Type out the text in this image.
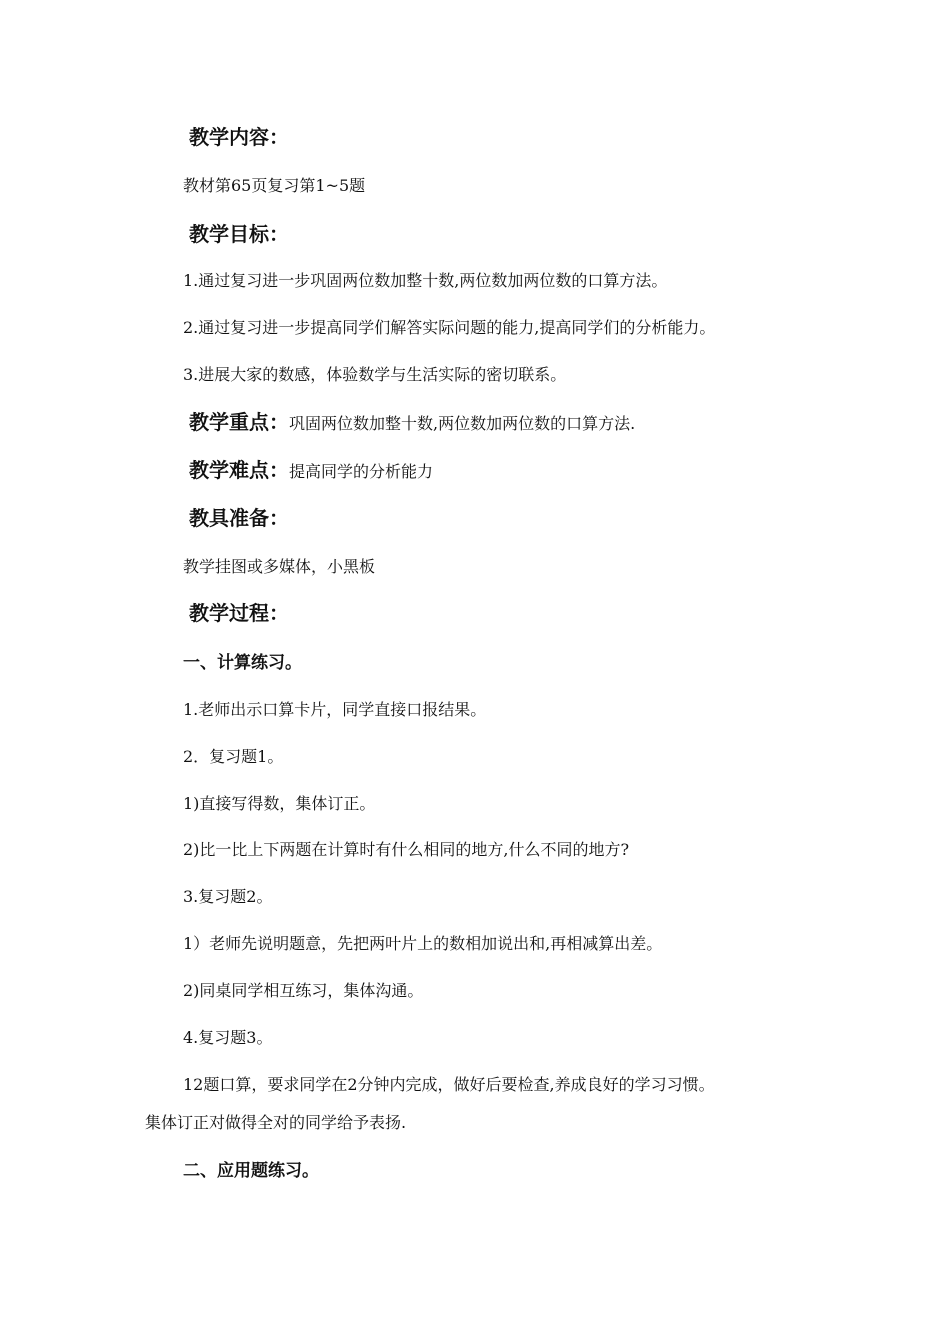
教学内容：
教材第65页复习第1~5题
教学目标：
1.通过复习进一步巩固两位数加整十数,两位数加两位数的口算方法。
2.通过复习进一步提高同学们解答实际问题的能力,提高同学们的分析能力。
3.进展大家的数感，体验数学与生活实际的密切联系。
教学重点：巩固两位数加整十数,两位数加两位数的口算方法.
教学难点：提高同学的分析能力
教具准备：
教学挂图或多媒体，小黑板
教学过程：
一、计算练习。
1.老师出示口算卡片，同学直接口报结果。
2．复习题1。
1)直接写得数，集体订正。
2)比一比上下两题在计算时有什么相同的地方,什么不同的地方?
3.复习题2。
1）老师先说明题意，先把两叶片上的数相加说出和,再相减算出差。
2)同桌同学相互练习，集体沟通。
4.复习题3。
12题口算，要求同学在2分钟内完成，做好后要检查,养成良好的学习习惯。
集体订正对做得全对的同学给予表扬.
二、应用题练习。
